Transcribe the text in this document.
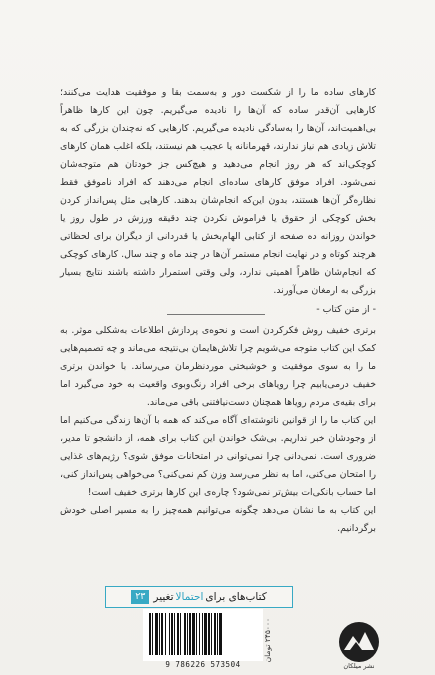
کارهای ساده ما را از شکست دور و به‌سمت بقا و موفقیت هدایت می‌کنند؛ کارهایی آن‌قدر ساده که آن‌ها را نادیده می‌گیریم. چون این کارها ظاهراً بی‌اهمیت‌اند، آن‌ها را به‌سادگی نادیده می‌گیریم. کارهایی که نه‌چندان بزرگی که به تلاش زیادی هم نیاز ندارند، قهرمانانه یا عجیب هم نیستند، بلکه اغلب همان کارهای کوچکی‌اند که هر روز انجام می‌دهید و هیچ‌کس جز خودتان هم متوجه‌شان نمی‌شود. افراد موفق کارهای ساده‌ای انجام می‌دهند که افراد ناموفق فقط نظاره‌گر آن‌ها هستند، بدون این‌که انجام‌شان بدهند. کارهایی مثل پس‌انداز کردن بخش کوچکی از حقوق یا فراموش نکردن چند دقیقه ورزش در طول روز یا خواندن روزانه ده صفحه از کتابی الهام‌بخش یا قدردانی از دیگران برای لحظاتی هرچند کوتاه و در نهایت انجام مستمر آن‌ها در چند ماه و چند سال. کارهای کوچکی که انجام‌شان ظاهراً اهمیتی ندارد، ولی وقتی استمرار داشته باشند نتایج بسیار بزرگی به ارمغان می‌آورند.

- از متن کتاب -

برتری خفیف روش فکرکردن است و نحوه‌ی پردازش اطلاعات به‌شکلی موثر. به کمک این کتاب متوجه می‌شویم چرا تلاش‌هایمان بی‌نتیجه می‌ماند و چه تصمیم‌هایی ما را به سوی موفقیت و خوشبختی موردنظرمان می‌رساند. با خواندن برتری خفیف درمی‌یابیم چرا رویاهای برخی افراد رنگ‌وبوی واقعیت به خود می‌گیرد اما برای بقیه‌ی مردم رویاها همچنان دست‌نیافتنی باقی می‌ماند.

این کتاب ما را از قوانین ناتوشته‌ای آگاه می‌کند که همه با آن‌ها زندگی می‌کنیم اما از وجودشان خبر نداریم. بی‌شک خواندن این کتاب برای همه، از دانشجو تا مدیر، ضروری است. نمی‌دانی چرا نمی‌توانی در امتحانات موفق شوی؟ رژیم‌های غذایی را امتحان می‌کنی، اما به نظر می‌رسد وزن کم نمی‌کنی؟ می‌خواهی پس‌انداز کنی، اما حساب بانکی‌ات بیش‌تر نمی‌شود؟ چاره‌ی این کارها برتری خفیف است!

این کتاب به ما نشان می‌دهد چگونه می‌توانیم همه‌چیز را به مسیر اصلی خودش برگردانیم.

کتاب‌های برای
احتمالا
تغییر
۲۳
9 786226 573504
۲۴۵۰۰۰ تومان
نشر میلکان
